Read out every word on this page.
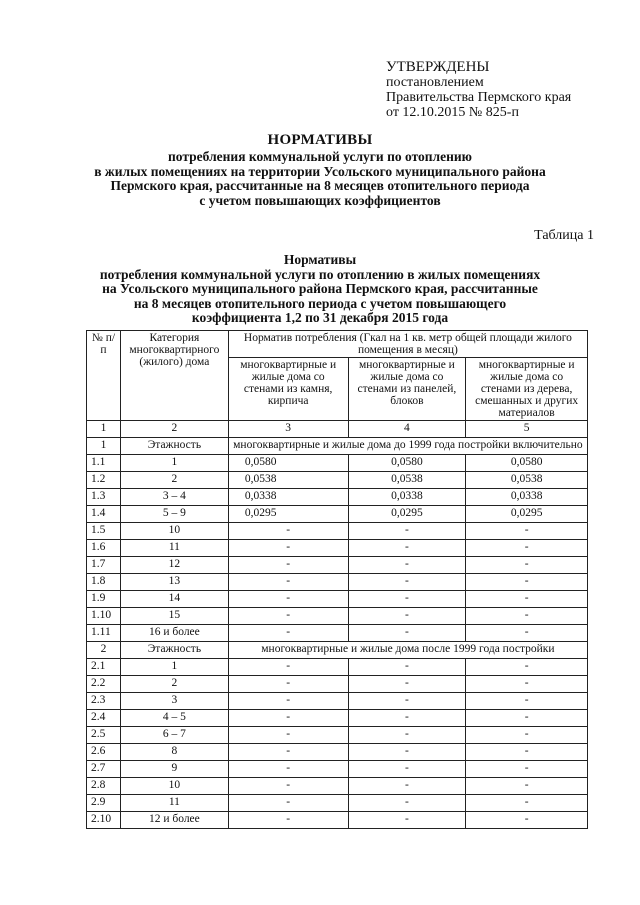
УТВЕРЖДЕНЫ
постановлением
Правительства Пермского края
от 12.10.2015 № 825-п
НОРМАТИВЫ
потребления коммунальной услуги по отоплению
в жилых помещениях на территории Усольского муниципального района
Пермского края, рассчитанные на 8 месяцев отопительного периода
с учетом повышающих коэффициентов
Таблица 1
Нормативы
потребления коммунальной услуги по отоплению в жилых помещениях
на Усольского муниципального района Пермского края, рассчитанные
на 8 месяцев отопительного периода с учетом повышающего
коэффициента 1,2 по 31 декабря 2015 года
№ п/п	Категория многоквартирного (жилого) дома	Норматив потребления (Гкал на 1 кв. метр общей площади жилого помещения в месяц)		
		многоквартирные и жилые дома со стенами из камня, кирпича	многоквартирные и жилые дома со стенами из панелей, блоков	многоквартирные и жилые дома со стенами из дерева, смешанных и других материалов
1	2	3	4	5
1	Этажность	многоквартирные и жилые дома до 1999 года постройки включительно		
1.1	1	0,0580	0,0580	0,0580
1.2	2	0,0538	0,0538	0,0538
1.3	3 – 4	0,0338	0,0338	0,0338
1.4	5 – 9	0,0295	0,0295	0,0295
1.5	10	-	-	-
1.6	11	-	-	-
1.7	12	-	-	-
1.8	13	-	-	-
1.9	14	-	-	-
1.10	15	-	-	-
1.11	16 и более	-	-	-
2	Этажность	многоквартирные и жилые дома после 1999 года постройки		
2.1	1	-	-	-
2.2	2	-	-	-
2.3	3	-	-	-
2.4	4 – 5	-	-	-
2.5	6 – 7	-	-	-
2.6	8	-	-	-
2.7	9	-	-	-
2.8	10	-	-	-
2.9	11	-	-	-
2.10	12 и более	-	-	-
